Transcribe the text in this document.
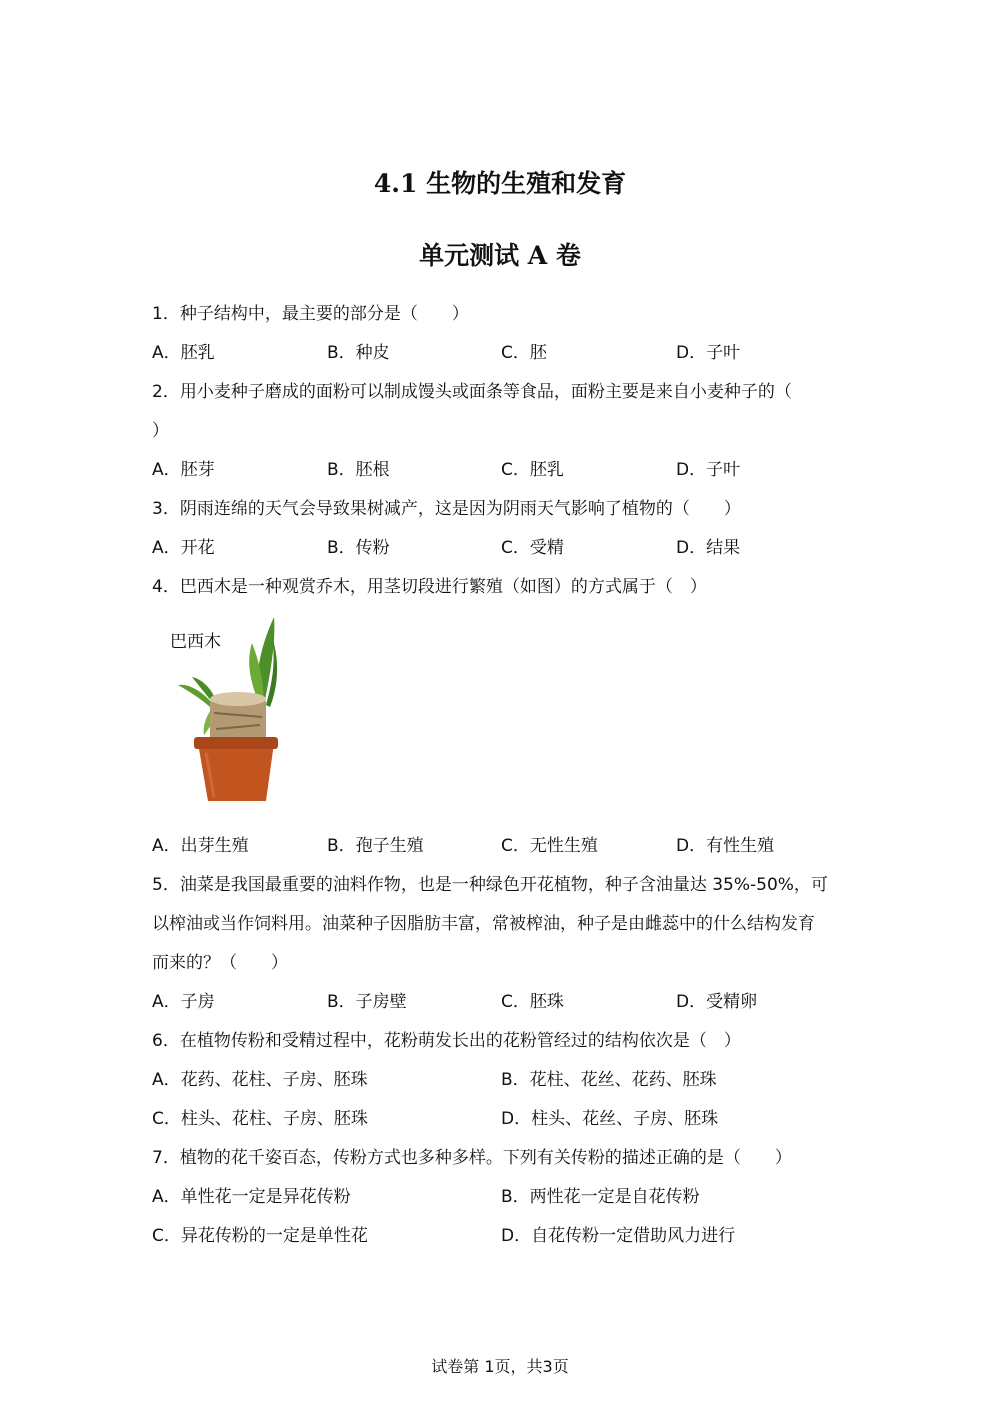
4.1 生物的生殖和发育
单元测试 A 卷
1．种子结构中，最主要的部分是（　　）
A．胚乳	B．种皮	C．胚	D．子叶
2．用小麦种子磨成的面粉可以制成馒头或面条等食品，面粉主要是来自小麦种子的（
）
A．胚芽	B．胚根	C．胚乳	D．子叶
3．阴雨连绵的天气会导致果树减产，这是因为阴雨天气影响了植物的（　　）
A．开花	B．传粉	C．受精	D．结果
4．巴西木是一种观赏乔木，用茎切段进行繁殖（如图）的方式属于（　）
巴西木
A．出芽生殖	B．孢子生殖	C．无性生殖	D．有性生殖
5．油菜是我国最重要的油料作物，也是一种绿色开花植物，种子含油量达 35%-50%，可
以榨油或当作饲料用。油菜种子因脂肪丰富，常被榨油，种子是由雌蕊中的什么结构发育
而来的？（　　）
A．子房	B．子房壁	C．胚珠	D．受精卵
6．在植物传粉和受精过程中，花粉萌发长出的花粉管经过的结构依次是（　）
A．花药、花柱、子房、胚珠	B．花柱、花丝、花药、胚珠
C．柱头、花柱、子房、胚珠	D．柱头、花丝、子房、胚珠
7．植物的花千姿百态，传粉方式也多种多样。下列有关传粉的描述正确的是（　　）
A．单性花一定是异花传粉	B．两性花一定是自花传粉
C．异花传粉的一定是单性花	D．自花传粉一定借助风力进行
试卷第 1页，共3页
